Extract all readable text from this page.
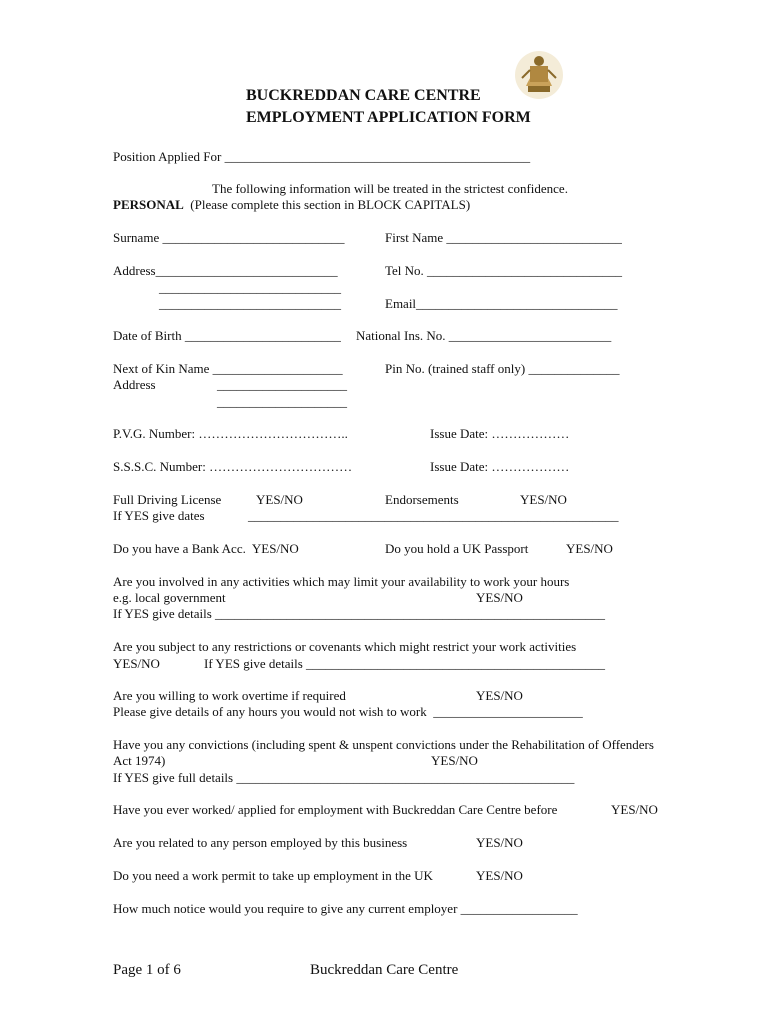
BUCKREDDAN CARE CENTRE
EMPLOYMENT APPLICATION FORM
Position Applied For _______________________________________________
The following information will be treated in the strictest confidence.
PERSONAL  (Please complete this section in BLOCK CAPITALS)
Surname ____________________________	First Name ___________________________
Address____________________________	Tel No. ______________________________
____________________________
____________________________	Email_______________________________
Date of Birth ________________________ National Ins. No. _________________________
Next of Kin Name ____________________	Pin No. (trained staff only) ______________
Address	____________________
____________________
P.V.G. Number: ……………………………..	Issue Date: ………………
S.S.S.C. Number: ……………………………	Issue Date: ………………
Full Driving License	YES/NO	Endorsements	YES/NO
If YES give dates	_________________________________________________________
Do you have a Bank Acc.  YES/NO	Do you hold a UK Passport	YES/NO
Are you involved in any activities which may limit your availability to work your hours
e.g. local government	YES/NO
If YES give details ____________________________________________________________
Are you subject to any restrictions or covenants which might restrict your work activities
YES/NO	If YES give details ______________________________________________
Are you willing to work overtime if required	YES/NO
Please give details of any hours you would not wish to work  _______________________
Have you any convictions (including spent & unspent convictions under the Rehabilitation of Offenders
Act 1974)	YES/NO
If YES give full details ____________________________________________________
Have you ever worked/ applied for employment with Buckreddan Care Centre before	YES/NO
Are you related to any person employed by this business	YES/NO
Do you need a work permit to take up employment in the UK	YES/NO
How much notice would you require to give any current employer __________________
Page 1 of 6	Buckreddan Care Centre
